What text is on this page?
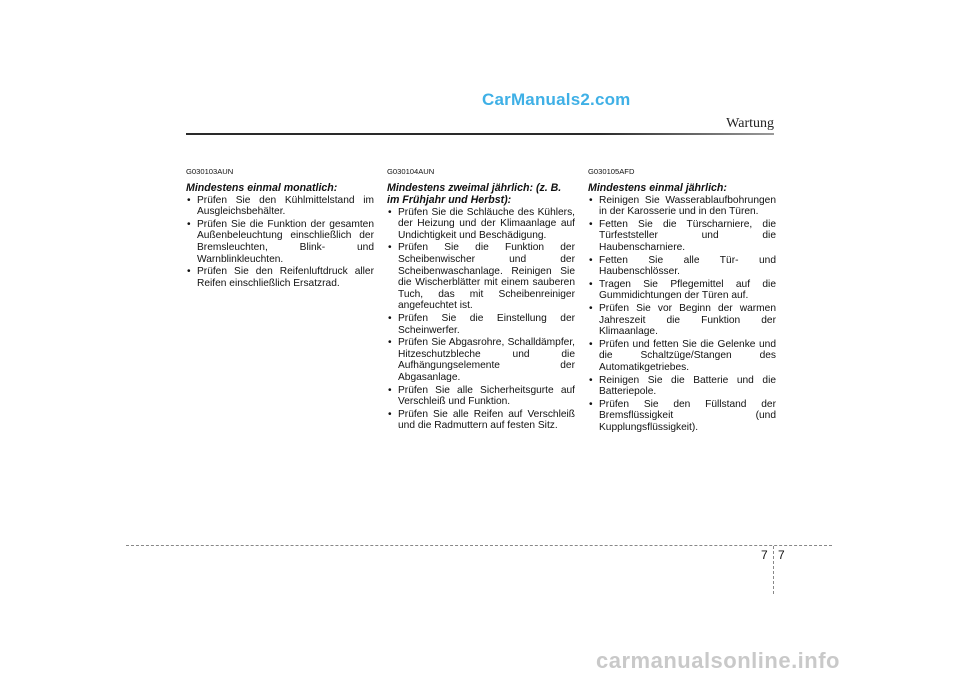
CarManuals2.com
Wartung
G030103AUN
Mindestens einmal monatlich:
• Prüfen Sie den Kühlmittelstand im Ausgleichsbehälter.
• Prüfen Sie die Funktion der gesamten Außenbeleuchtung einschließlich der Bremsleuchten, Blink- und Warnblinkleuchten.
• Prüfen Sie den Reifenluftdruck aller Reifen einschließlich Ersatzrad.
G030104AUN
Mindestens zweimal jährlich: (z. B. im Frühjahr und Herbst):
• Prüfen Sie die Schläuche des Kühlers, der Heizung und der Klimaanlage auf Undichtigkeit und Beschädigung.
• Prüfen Sie die Funktion der Scheibenwischer und der Scheibenwaschanlage. Reinigen Sie die Wischerblätter mit einem sauberen Tuch, das mit Scheibenreiniger angefeuchtet ist.
• Prüfen Sie die Einstellung der Scheinwerfer.
• Prüfen Sie Abgasrohre, Schalldämpfer, Hitzeschutzbleche und die Aufhängungselemente der Abgasanlage.
• Prüfen Sie alle Sicherheitsgurte auf Verschleiß und Funktion.
• Prüfen Sie alle Reifen auf Verschleiß und die Radmuttern auf festen Sitz.
G030105AFD
Mindestens einmal jährlich:
• Reinigen Sie Wasserablaufbohrungen in der Karosserie und in den Türen.
• Fetten Sie die Türscharniere, die Türfeststeller und die Haubenscharniere.
• Fetten Sie alle Tür- und Haubenschlösser.
• Tragen Sie Pflegemittel auf die Gummidichtungen der Türen auf.
• Prüfen Sie vor Beginn der warmen Jahreszeit die Funktion der Klimaanlage.
• Prüfen und fetten Sie die Gelenke und die Schaltzüge/Stangen des Automatikgetriebes.
• Reinigen Sie die Batterie und die Batteriepole.
• Prüfen Sie den Füllstand der Bremsflüssigkeit (und Kupplungsflüssigkeit).
7 7
carmanualsonline.info
